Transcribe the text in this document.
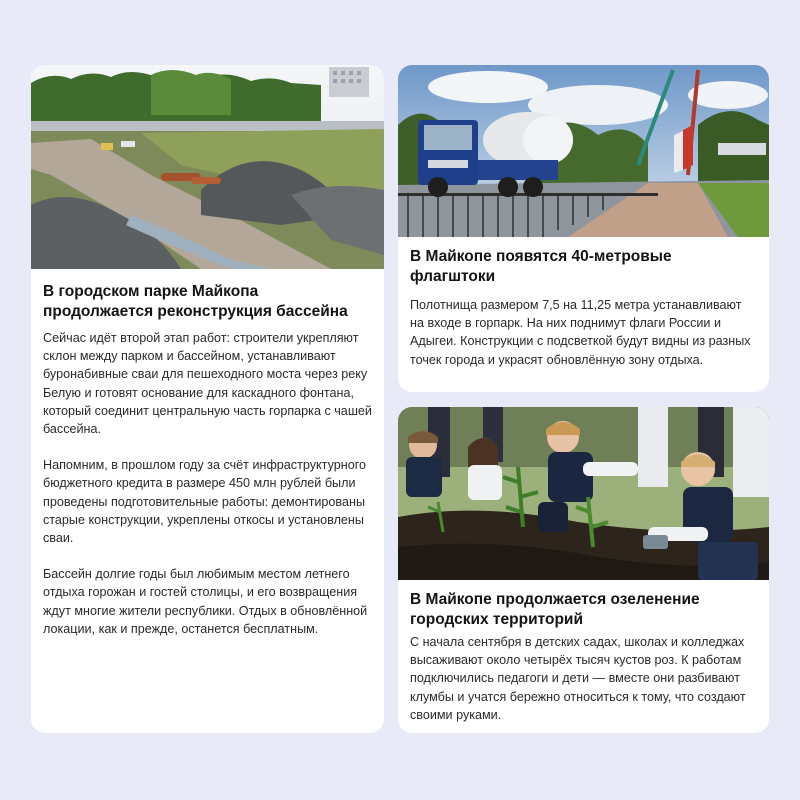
В городском парке Майкопа продолжается реконструкция бассейна

Сейчас идёт второй этап работ: строители укрепляют склон между парком и бассейном, устанавливают буронабивные сваи для пешеходного моста через реку Белую и готовят основание для каскадного фонтана, который соединит центральную часть горпарка с чашей бассейна.

Напомним, в прошлом году за счёт инфраструктурного бюджетного кредита в размере 450 млн рублей были проведены подготовительные работы: демонтированы старые конструкции, укреплены откосы и установлены сваи.

Бассейн долгие годы был любимым местом летнего отдыха горожан и гостей столицы, и его возвращения ждут многие жители республики. Отдых в обновлённой локации, как и прежде, останется бесплатным.

В Майкопе появятся 40-метровые флагштоки

Полотнища размером 7,5 на 11,25 метра устанавливают на входе в горпарк. На них поднимут флаги России и Адыгеи. Конструкции с подсветкой будут видны из разных точек города и украсят обновлённую зону отдыха.

В Майкопе продолжается озеленение городских территорий

С начала сентября в детских садах, школах и колледжах высаживают около четырёх тысяч кустов роз. К работам подключились педагоги и дети — вместе они разбивают клумбы и учатся бережно относиться к тому, что создают своими руками.
